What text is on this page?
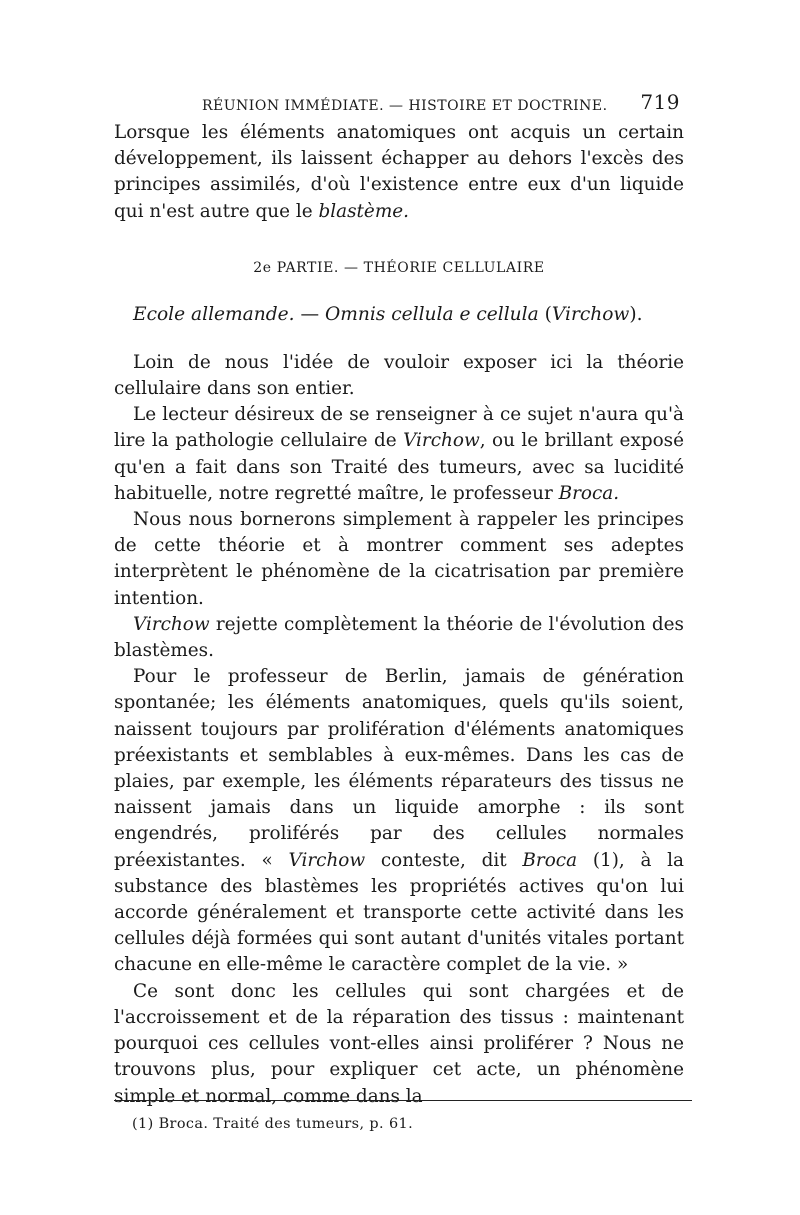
RÉUNION IMMÉDIATE. — HISTOIRE ET DOCTRINE. 719

Lorsque les éléments anatomiques ont acquis un certain développement, ils laissent échapper au dehors l'excès des principes assimilés, d'où l'existence entre eux d'un liquide qui n'est autre que le blastème.

2e PARTIE. — THÉORIE CELLULAIRE

Ecole allemande. — Omnis cellula e cellula (Virchow).

Loin de nous l'idée de vouloir exposer ici la théorie cellulaire dans son entier.

Le lecteur désireux de se renseigner à ce sujet n'aura qu'à lire la pathologie cellulaire de Virchow, ou le brillant exposé qu'en a fait dans son Traité des tumeurs, avec sa lucidité habituelle, notre regretté maître, le professeur Broca.

Nous nous bornerons simplement à rappeler les principes de cette théorie et à montrer comment ses adeptes interprètent le phénomène de la cicatrisation par première intention.

Virchow rejette complètement la théorie de l'évolution des blastèmes.

Pour le professeur de Berlin, jamais de génération spontanée; les éléments anatomiques, quels qu'ils soient, naissent toujours par prolifération d'éléments anatomiques préexistants et semblables à eux-mêmes. Dans les cas de plaies, par exemple, les éléments réparateurs des tissus ne naissent jamais dans un liquide amorphe : ils sont engendrés, proliférés par des cellules normales préexistantes. « Virchow conteste, dit Broca (1), à la substance des blastèmes les propriétés actives qu'on lui accorde généralement et transporte cette activité dans les cellules déjà formées qui sont autant d'unités vitales portant chacune en elle-même le caractère complet de la vie. »

Ce sont donc les cellules qui sont chargées et de l'accroissement et de la réparation des tissus : maintenant pourquoi ces cellules vont-elles ainsi proliférer ? Nous ne trouvons plus, pour expliquer cet acte, un phénomène simple et normal, comme dans la

(1) Broca. Traité des tumeurs, p. 61.
